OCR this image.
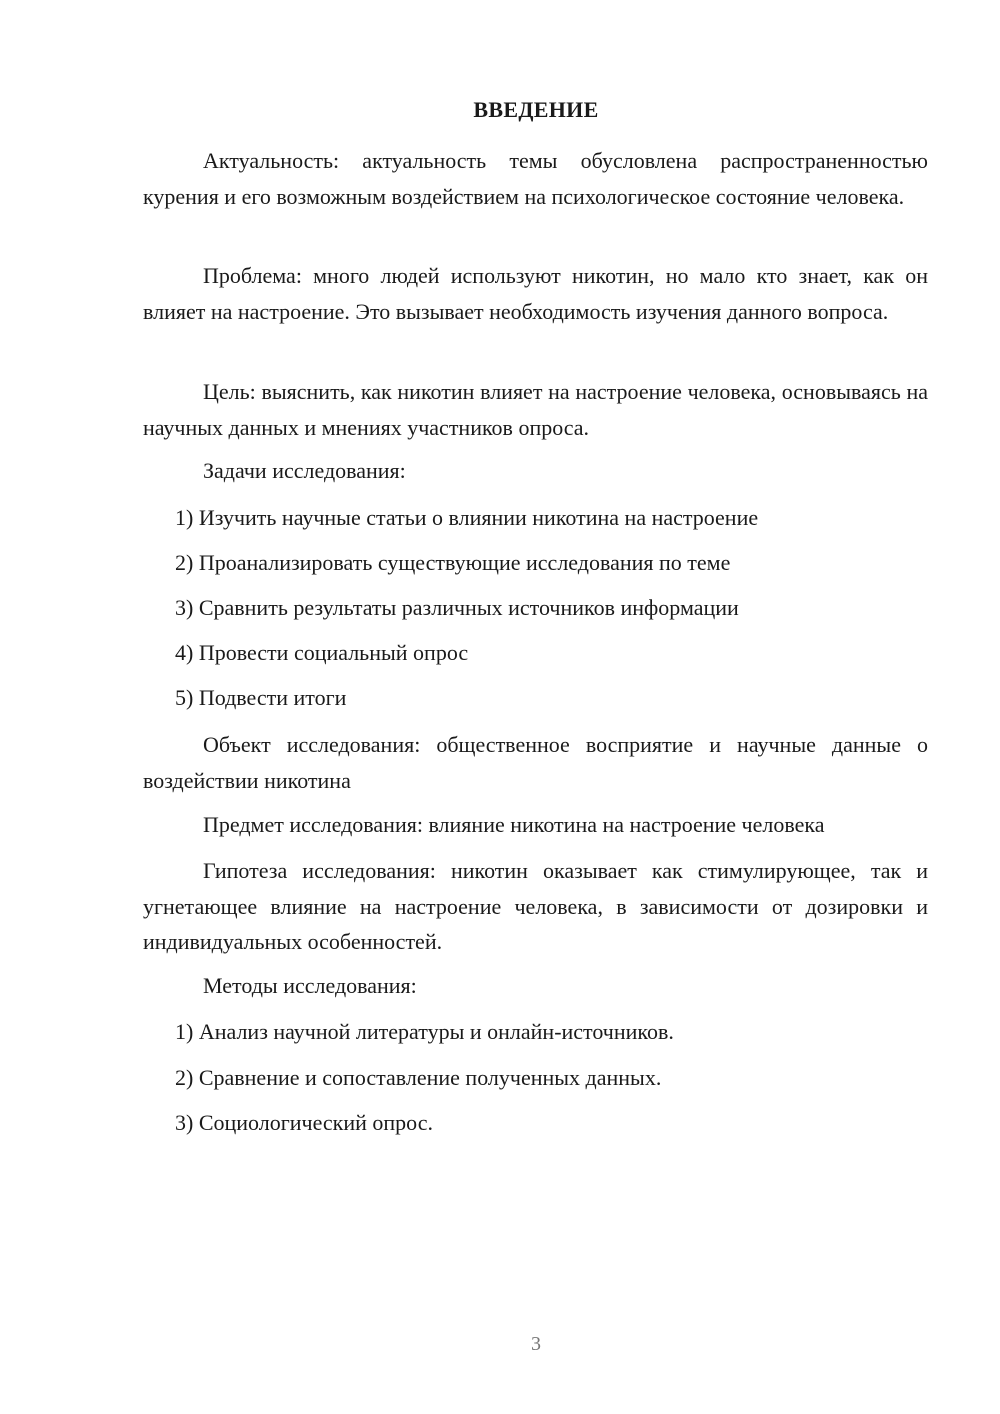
ВВЕДЕНИЕ

Актуальность: актуальность темы обусловлена распространенностью курения и его возможным воздействием на психологическое состояние человека.

Проблема: много людей используют никотин, но мало кто знает, как он влияет на настроение. Это вызывает необходимость изучения данного вопроса.

Цель: выяснить, как никотин влияет на настроение человека, основываясь на научных данных и мнениях участников опроса.

Задачи исследования:

1) Изучить научные статьи о влиянии никотина на настроение

2) Проанализировать существующие исследования по теме

3) Сравнить результаты различных источников информации

4) Провести социальный опрос

5) Подвести итоги

Объект исследования: общественное восприятие и научные данные о воздействии никотина

Предмет исследования: влияние никотина на настроение человека

Гипотеза исследования: никотин оказывает как стимулирующее, так и угнетающее влияние на настроение человека, в зависимости от дозировки и индивидуальных особенностей.

Методы исследования:

1) Анализ научной литературы и онлайн-источников.

2) Сравнение и сопоставление полученных данных.

3) Социологический опрос.

3
